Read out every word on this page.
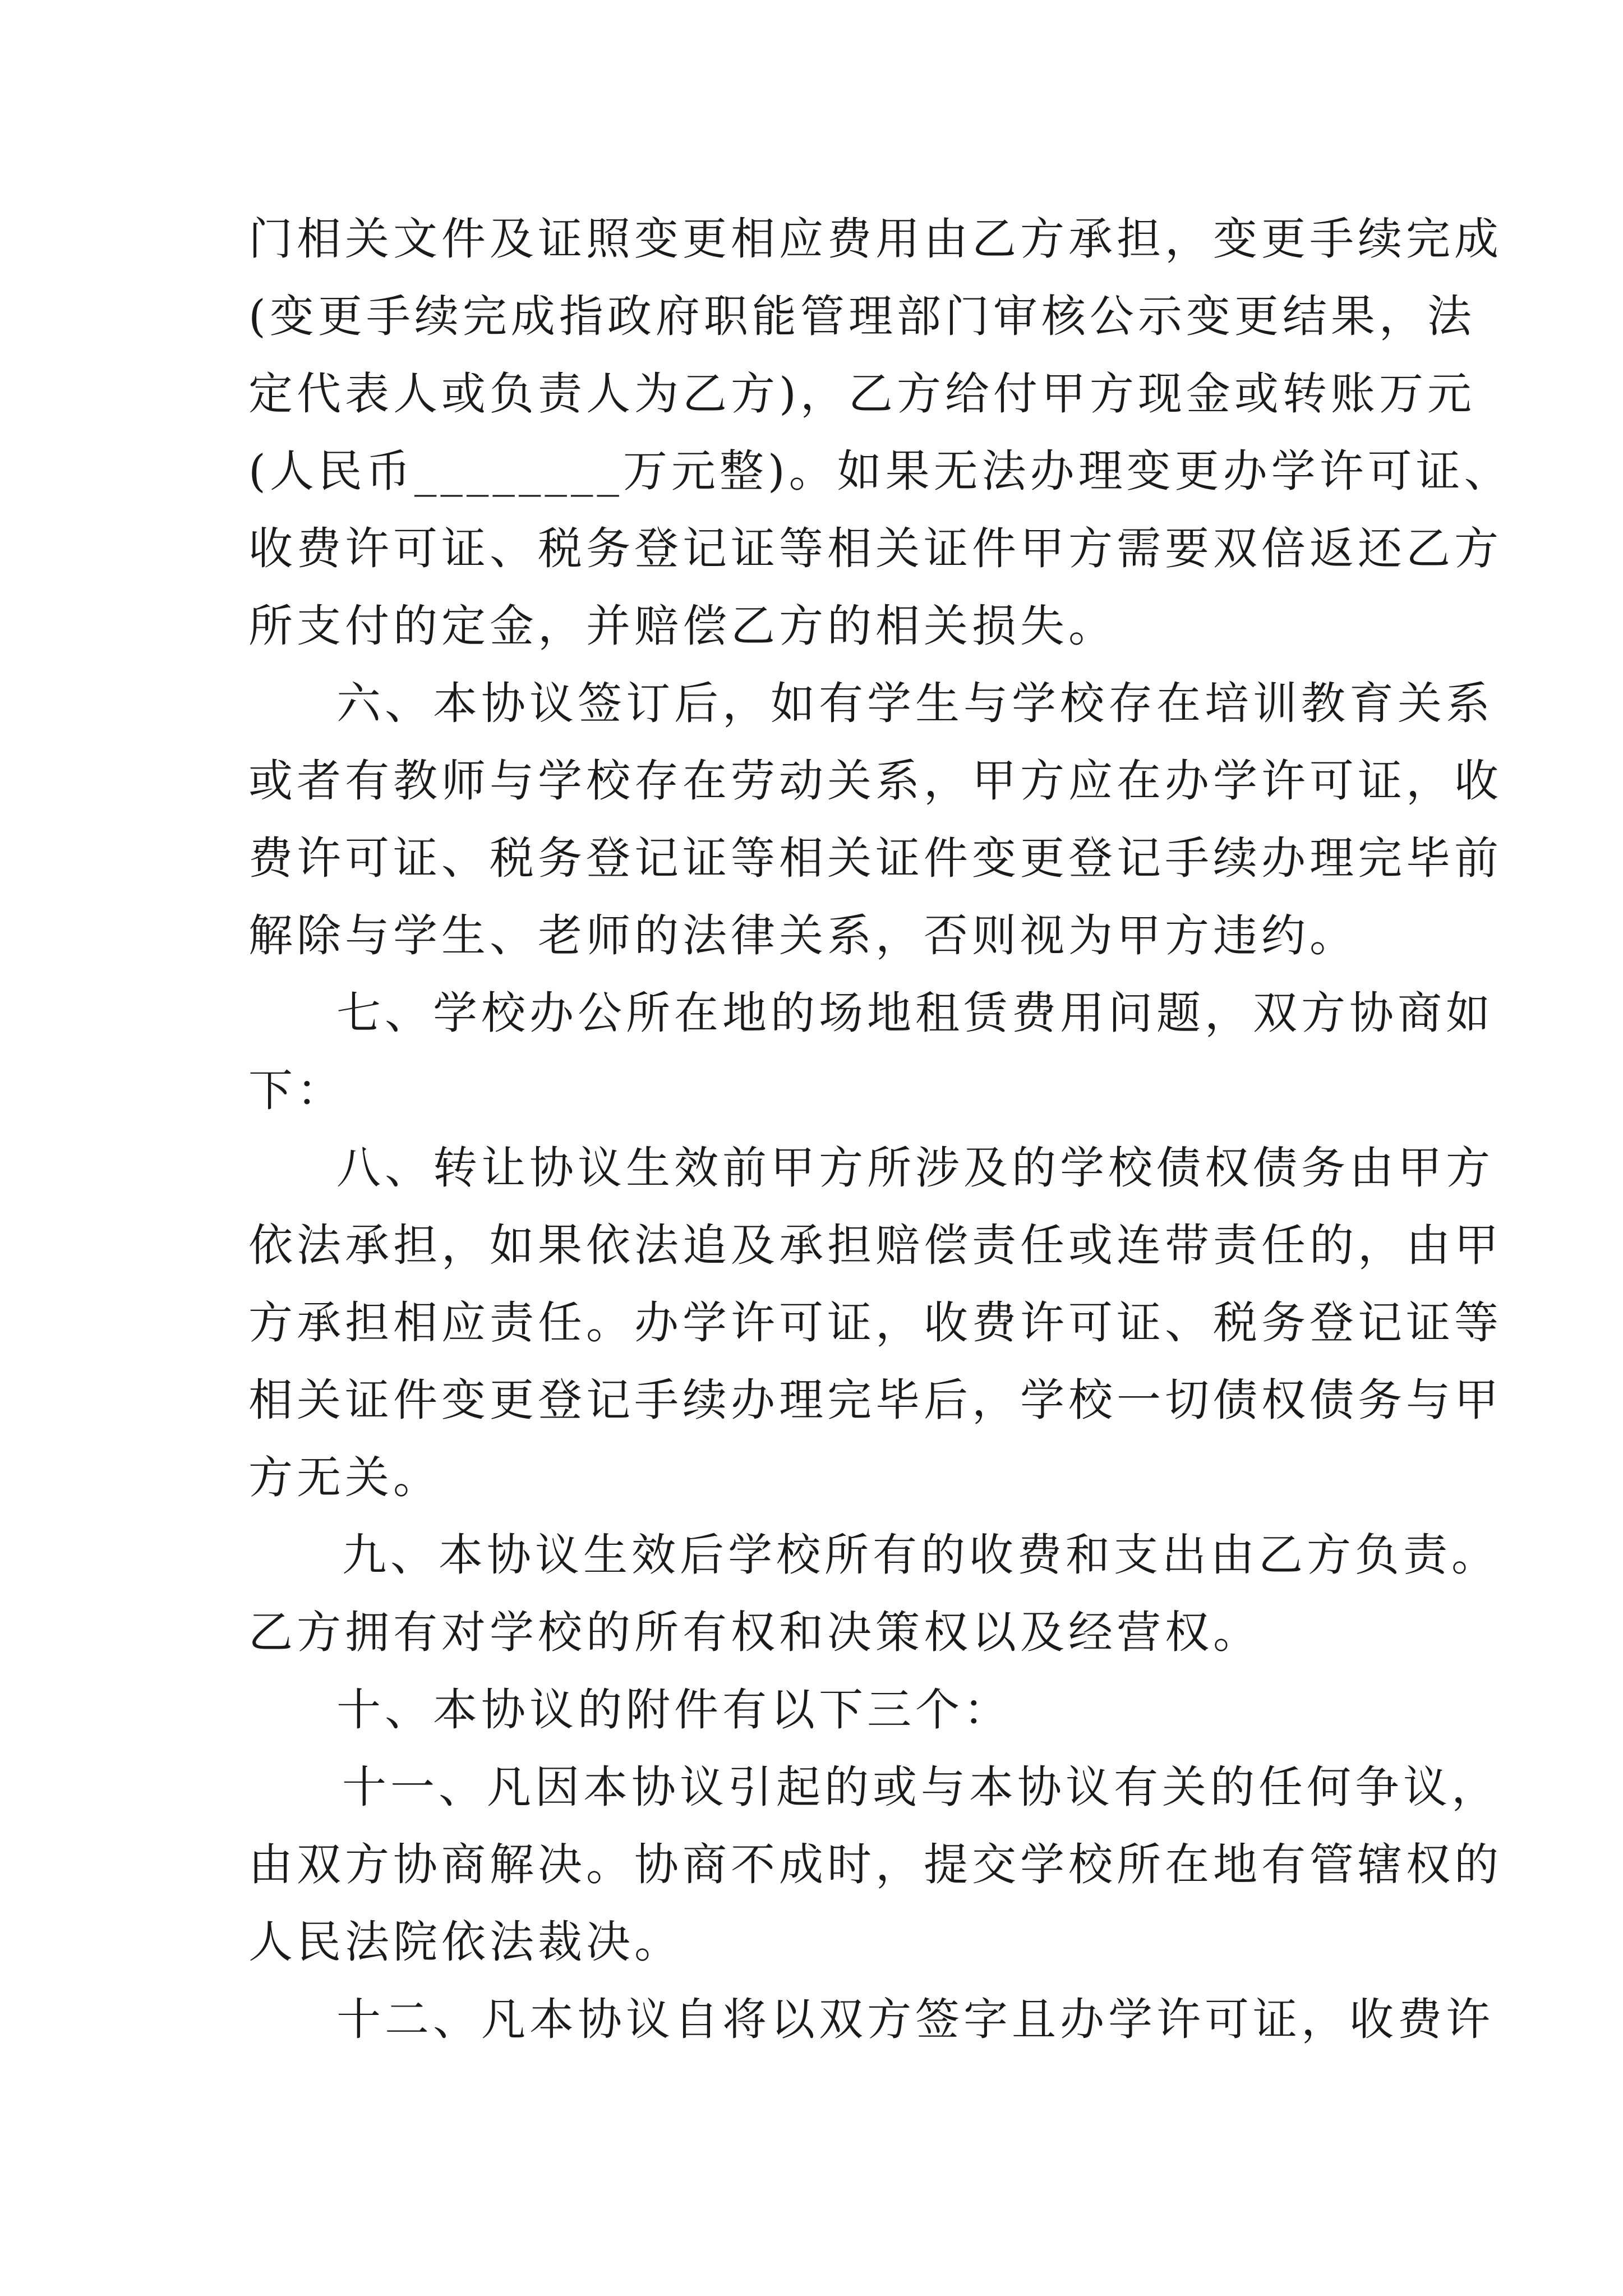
门相关文件及证照变更相应费用由乙方承担，变更手续完成

(变更手续完成指政府职能管理部门审核公示变更结果，法

定代表人或负责人为乙方)，乙方给付甲方现金或转账万元

(人民币________万元整)。如果无法办理变更办学许可证、

收费许可证、税务登记证等相关证件甲方需要双倍返还乙方

所支付的定金，并赔偿乙方的相关损失。

六、本协议签订后，如有学生与学校存在培训教育关系

或者有教师与学校存在劳动关系，甲方应在办学许可证，收

费许可证、税务登记证等相关证件变更登记手续办理完毕前

解除与学生、老师的法律关系，否则视为甲方违约。

七、学校办公所在地的场地租赁费用问题，双方协商如

下：

八、转让协议生效前甲方所涉及的学校债权债务由甲方

依法承担，如果依法追及承担赔偿责任或连带责任的，由甲

方承担相应责任。办学许可证，收费许可证、税务登记证等

相关证件变更登记手续办理完毕后，学校一切债权债务与甲

方无关。

九、本协议生效后学校所有的收费和支出由乙方负责。

乙方拥有对学校的所有权和决策权以及经营权。

十、本协议的附件有以下三个：

十一、凡因本协议引起的或与本协议有关的任何争议，

由双方协商解决。协商不成时，提交学校所在地有管辖权的

人民法院依法裁决。

十二、凡本协议自将以双方签字且办学许可证，收费许
